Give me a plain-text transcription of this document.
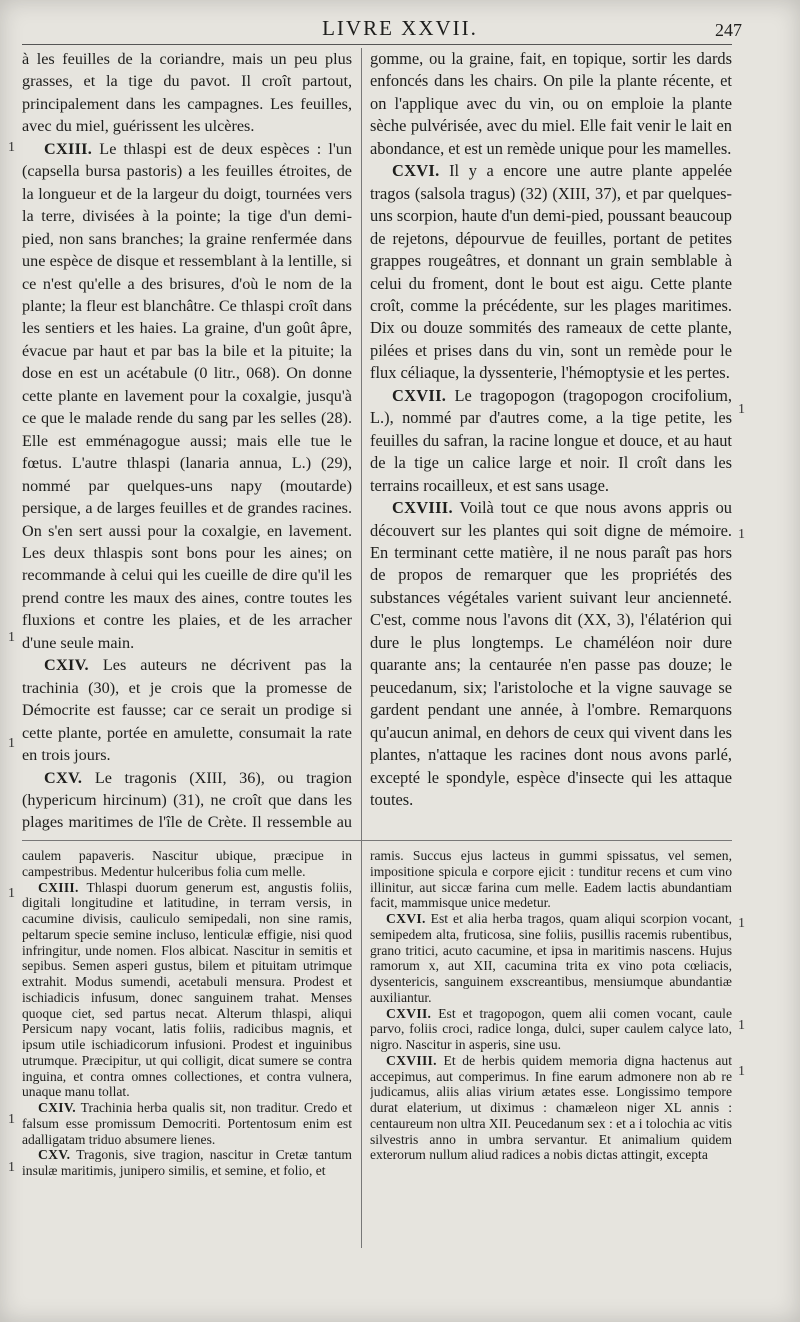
LIVRE XXVII.	247

à les feuilles de la coriandre, mais un peu plus grasses, et la tige du pavot. Il croît partout, principalement dans les campagnes. Les feuilles, avec du miel, guérissent les ulcères.

CXIII. Le thlaspi est de deux espèces : l'un (capsella bursa pastoris) a les feuilles étroites, de la longueur et de la largeur du doigt, tournées vers la terre, divisées à la pointe; la tige d'un demi-pied, non sans branches; la graine renfermée dans une espèce de disque et ressemblant à la lentille, si ce n'est qu'elle a des brisures, d'où le nom de la plante; la fleur est blanchâtre. Ce thlaspi croît dans les sentiers et les haies. La graine, d'un goût âpre, évacue par haut et par bas la bile et la pituite; la dose en est un acétabule (0 litr., 068). On donne cette plante en lavement pour la coxalgie, jusqu'à ce que le malade rende du sang par les selles (28). Elle est emménagogue aussi; mais elle tue le fœtus. L'autre thlaspi (lanaria annua, L.) (29), nommé par quelques-uns napy (moutarde) persique, a de larges feuilles et de grandes racines. On s'en sert aussi pour la coxalgie, en lavement. Les deux thlaspis sont bons pour les aines; on recommande à celui qui les cueille de dire qu'il les prend contre les maux des aines, contre toutes les fluxions et contre les plaies, et de les arracher d'une seule main.

CXIV. Les auteurs ne décrivent pas la trachinia (30), et je crois que la promesse de Démocrite est fausse; car ce serait un prodige si cette plante, portée en amulette, consumait la rate en trois jours.

CXV. Le tragonis (XIII, 36), ou tragion (hypericum hircinum) (31), ne croît que dans les plages maritimes de l'île de Crète. Il ressemble au

gomme, ou la graine, fait, en topique, sortir les dards enfoncés dans les chairs. On pile la plante récente, et on l'applique avec du vin, ou on emploie la plante sèche pulvérisée, avec du miel. Elle fait venir le lait en abondance, et est un remède unique pour les mamelles.

CXVI. Il y a encore une autre plante appelée tragos (salsola tragus) (32) (XIII, 37), et par quelques-uns scorpion, haute d'un demi-pied, poussant beaucoup de rejetons, dépourvue de feuilles, portant de petites grappes rougeâtres, et donnant un grain semblable à celui du froment, dont le bout est aigu. Cette plante croît, comme la précédente, sur les plages maritimes. Dix ou douze sommités des rameaux de cette plante, pilées et prises dans du vin, sont un remède pour le flux céliaque, la dyssenterie, l'hémoptysie et les pertes.

CXVII. Le tragopogon (tragopogon crocifolium, L.), nommé par d'autres come, a la tige petite, les feuilles du safran, la racine longue et douce, et au haut de la tige un calice large et noir. Il croît dans les terrains rocailleux, et est sans usage.

CXVIII. Voilà tout ce que nous avons appris ou découvert sur les plantes qui soit digne de mémoire. En terminant cette matière, il ne nous paraît pas hors de propos de remarquer que les propriétés des substances végétales varient suivant leur ancienneté. C'est, comme nous l'avons dit (XX, 3), l'élatérion qui dure le plus longtemps. Le chaméléon noir dure quarante ans; la centaurée n'en passe pas douze; le peucedanum, six; l'aristoloche et la vigne sauvage se gardent pendant une année, à l'ombre. Remarquons qu'aucun animal, en dehors de ceux qui vivent dans les plantes, n'attaque les racines dont nous avons parlé, excepté le spondyle, espèce d'insecte qui les attaque toutes.

caulem papaveris. Nascitur ubique, præcipue in campestribus. Medentur hulceribus folia cum melle.

CXIII. Thlaspi duorum generum est, angustis foliis, digitali longitudine et latitudine, in terram versis, in cacumine divisis, cauliculo semipedali, non sine ramis, peltarum specie semine incluso, lenticulæ effigie, nisi quod infringitur, unde nomen. Flos albicat. Nascitur in semitis et sepibus. Semen asperi gustus, bilem et pituitam utrimque extrahit. Modus sumendi, acetabuli mensura. Prodest et ischiadicis infusum, donec sanguinem trahat. Menses quoque ciet, sed partus necat. Alterum thlaspi, aliqui Persicum napy vocant, latis foliis, radicibus magnis, et ipsum utile ischiadicorum infusioni. Prodest et inguinibus utrumque. Præcipitur, ut qui colligit, dicat sumere se contra inguina, et contra omnes collectiones, et contra vulnera, unaque manu tollat.

CXIV. Trachinia herba qualis sit, non traditur. Credo et falsum esse promissum Democriti. Portentosum enim est adalligatam triduo absumere lienes.

CXV. Tragonis, sive tragion, nascitur in Cretæ tantum insulæ maritimis, junipero similis, et semine, et folio, et

ramis. Succus ejus lacteus in gummi spissatus, vel semen, impositione spicula e corpore ejicit : tunditur recens et cum vino illinitur, aut siccæ farina cum melle. Eadem lactis abundantiam facit, mammisque unice medetur.

CXVI. Est et alia herba tragos, quam aliqui scorpion vocant, semipedem alta, fruticosa, sine foliis, pusillis racemis rubentibus, grano tritici, acuto cacumine, et ipsa in maritimis nascens. Hujus ramorum x, aut XII, cacumina trita ex vino pota cœliacis, dysentericis, sanguinem exscreantibus, mensiumque abundantiæ auxiliantur.

CXVII. Est et tragopogon, quem alii comen vocant, caule parvo, foliis croci, radice longa, dulci, super caulem calyce lato, nigro. Nascitur in asperis, sine usu.

CXVIII. Et de herbis quidem memoria digna hactenus aut accepimus, aut comperimus. In fine earum admonere non ab re judicamus, aliis alias virium ætates esse. Longissimo tempore durat elaterium, ut diximus : chamæleon niger XL annis : centaureum non ultra XII. Peucedanum sex : et a i tolochia ac vitis silvestris anno in umbra servantur. Et animalium quidem exterorum nullum aliud radices a nobis dictas attingit, excepta

1
1
1
1
1
1
1
1
1
1
1
